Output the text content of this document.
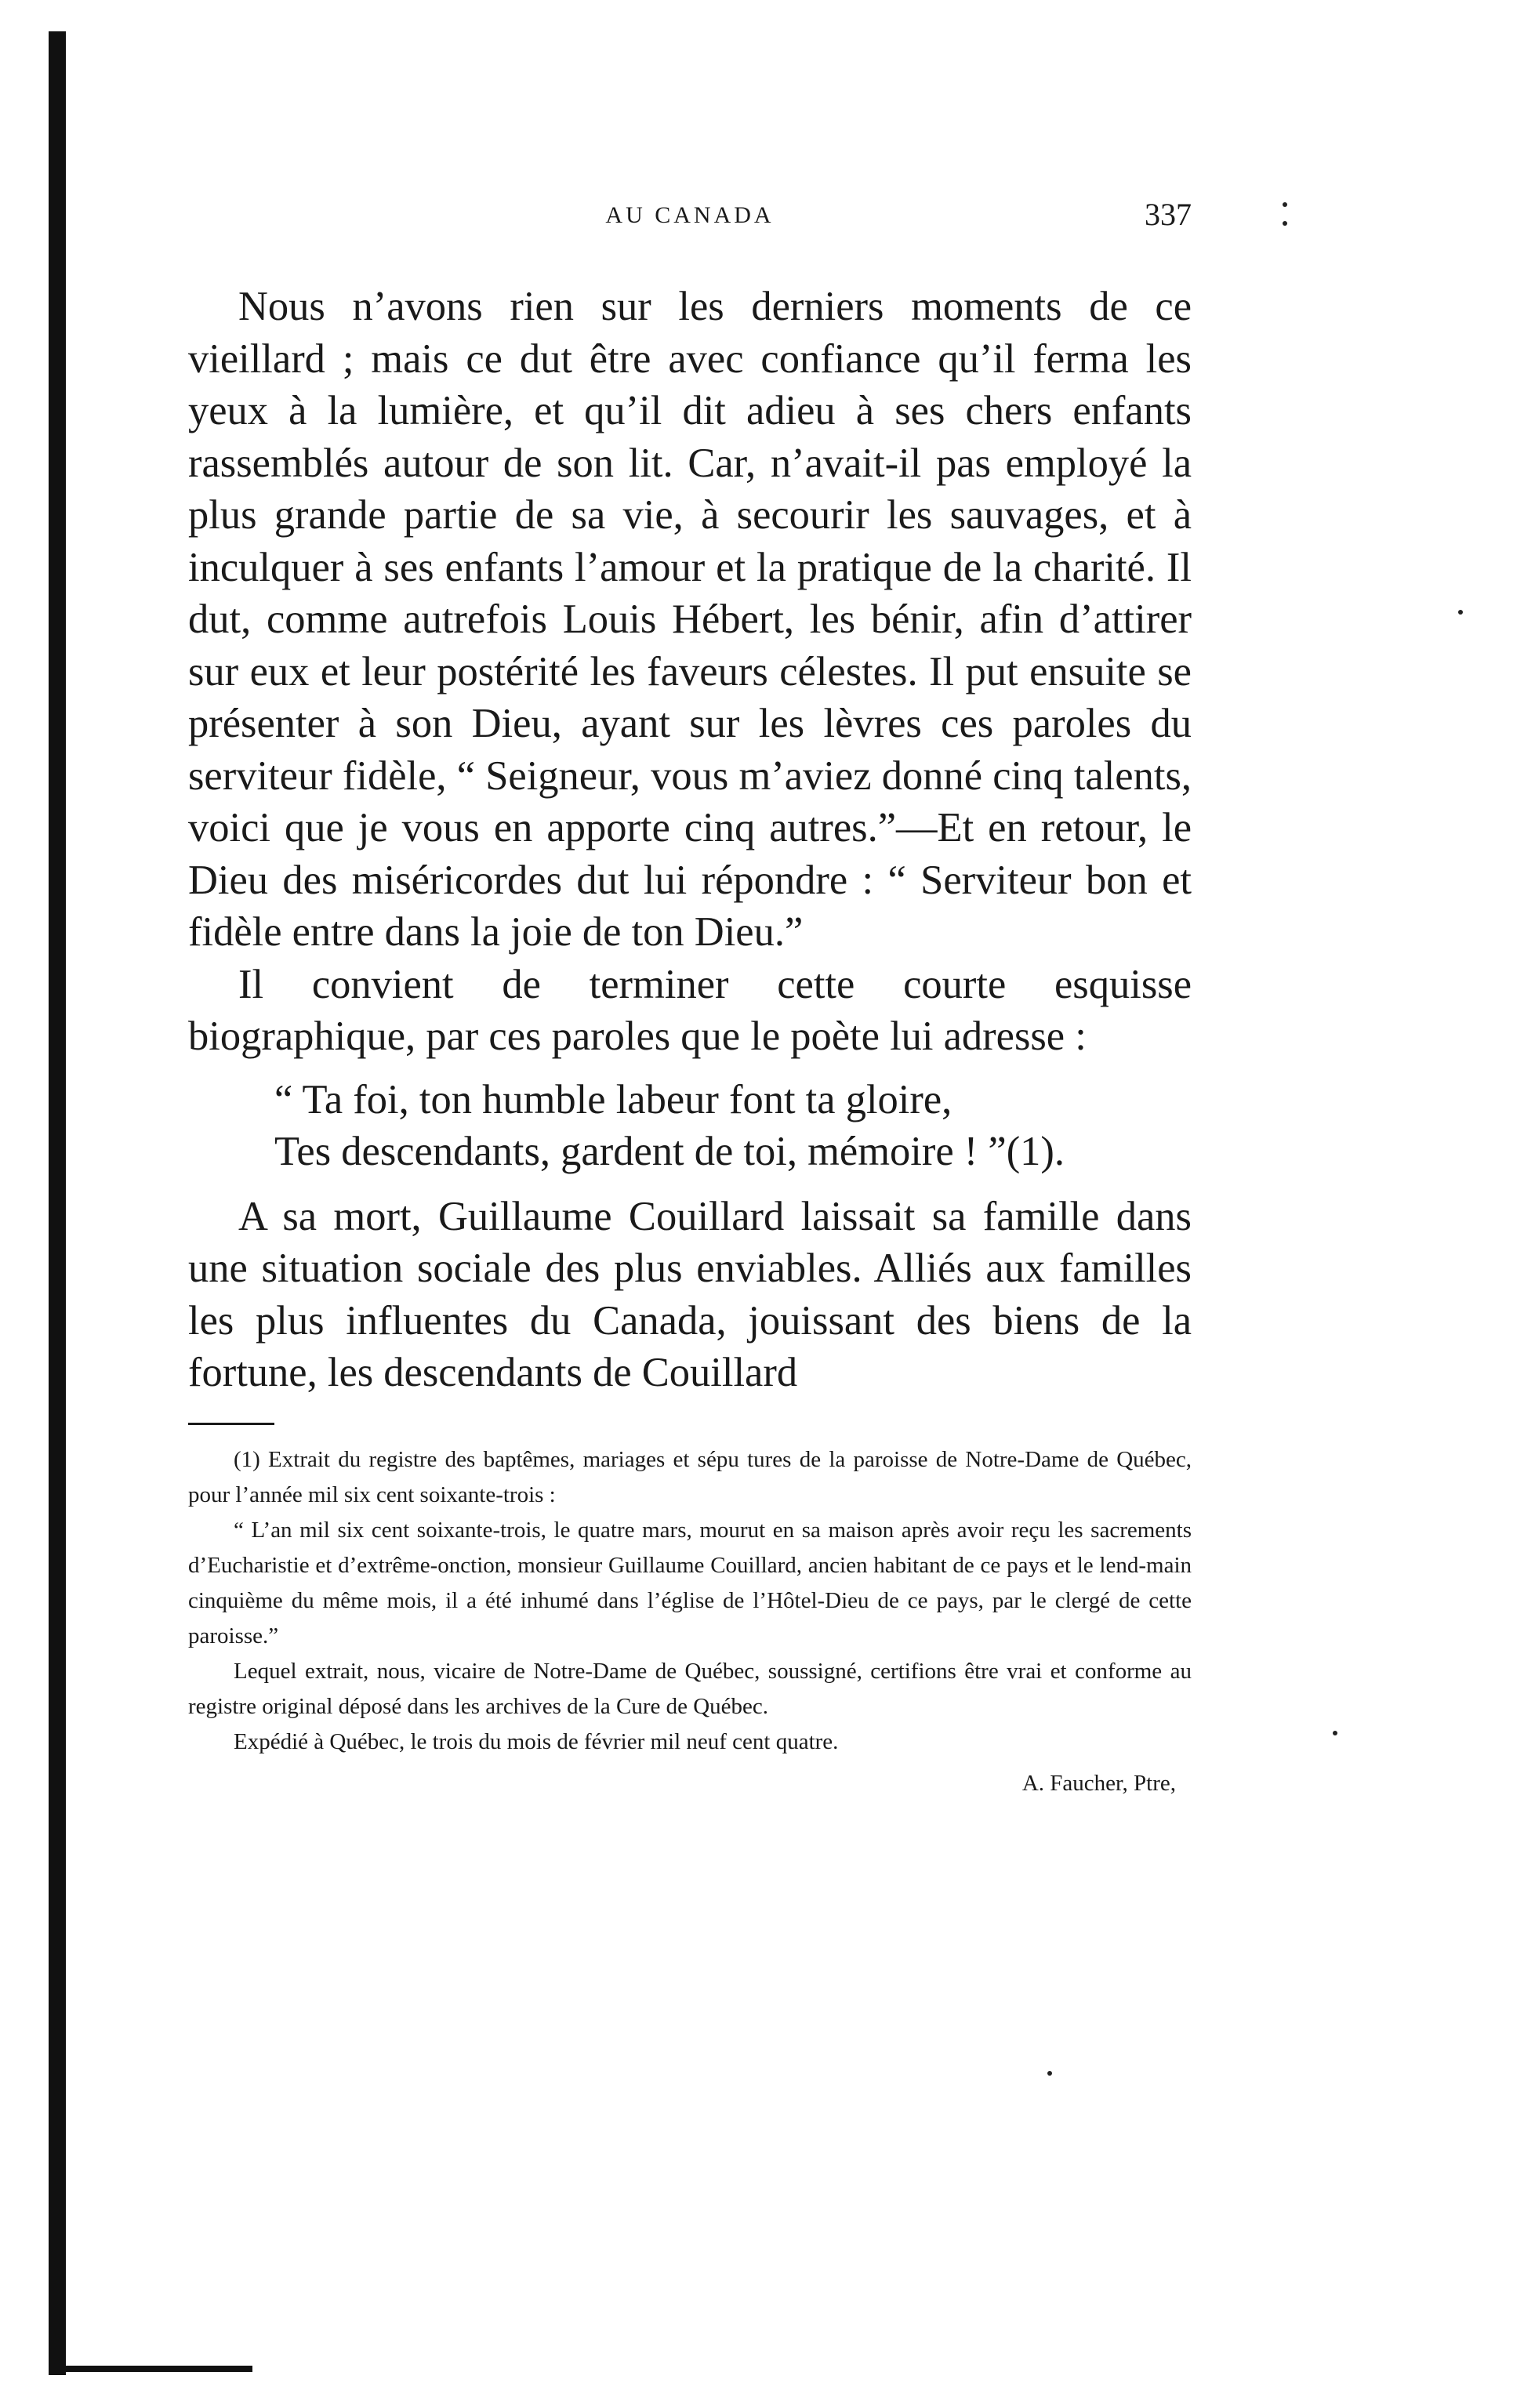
AU CANADA	337

Nous n’avons rien sur les derniers moments de ce vieillard ; mais ce dut être avec confiance qu’il ferma les yeux à la lumière, et qu’il dit adieu à ses chers enfants rassemblés autour de son lit. Car, n’avait-il pas employé la plus grande partie de sa vie, à secourir les sauvages, et à inculquer à ses enfants l’amour et la pratique de la charité. Il dut, comme autrefois Louis Hébert, les bénir, afin d’attirer sur eux et leur postérité les faveurs célestes. Il put ensuite se présenter à son Dieu, ayant sur les lèvres ces paroles du serviteur fidèle, “ Seigneur, vous m’aviez donné cinq talents, voici que je vous en apporte cinq autres.”—Et en retour, le Dieu des miséricordes dut lui répondre : “ Serviteur bon et fidèle entre dans la joie de ton Dieu.”

Il convient de terminer cette courte esquisse biographique, par ces paroles que le poète lui adresse :

“ Ta foi, ton humble labeur font ta gloire,
Tes descendants, gardent de toi, mémoire ! ”(1).

A sa mort, Guillaume Couillard laissait sa famille dans une situation sociale des plus enviables. Alliés aux familles les plus influentes du Canada, jouissant des biens de la fortune, les descendants de Couillard

(1) Extrait du registre des baptêmes, mariages et sépu tures de la paroisse de Notre-Dame de Québec, pour l’année mil six cent soixante-trois :

“ L’an mil six cent soixante-trois, le quatre mars, mourut en sa maison après avoir reçu les sacrements d’Eucharistie et d’extrême-onction, monsieur Guillaume Couillard, ancien habitant de ce pays et le lend-main cinquième du même mois, il a été inhumé dans l’église de l’Hôtel-Dieu de ce pays, par le clergé de cette paroisse.”

Lequel extrait, nous, vicaire de Notre-Dame de Québec, soussigné, certifions être vrai et conforme au registre original déposé dans les archives de la Cure de Québec.

Expédié à Québec, le trois du mois de février mil neuf cent quatre.

A. Faucher, Ptre,
